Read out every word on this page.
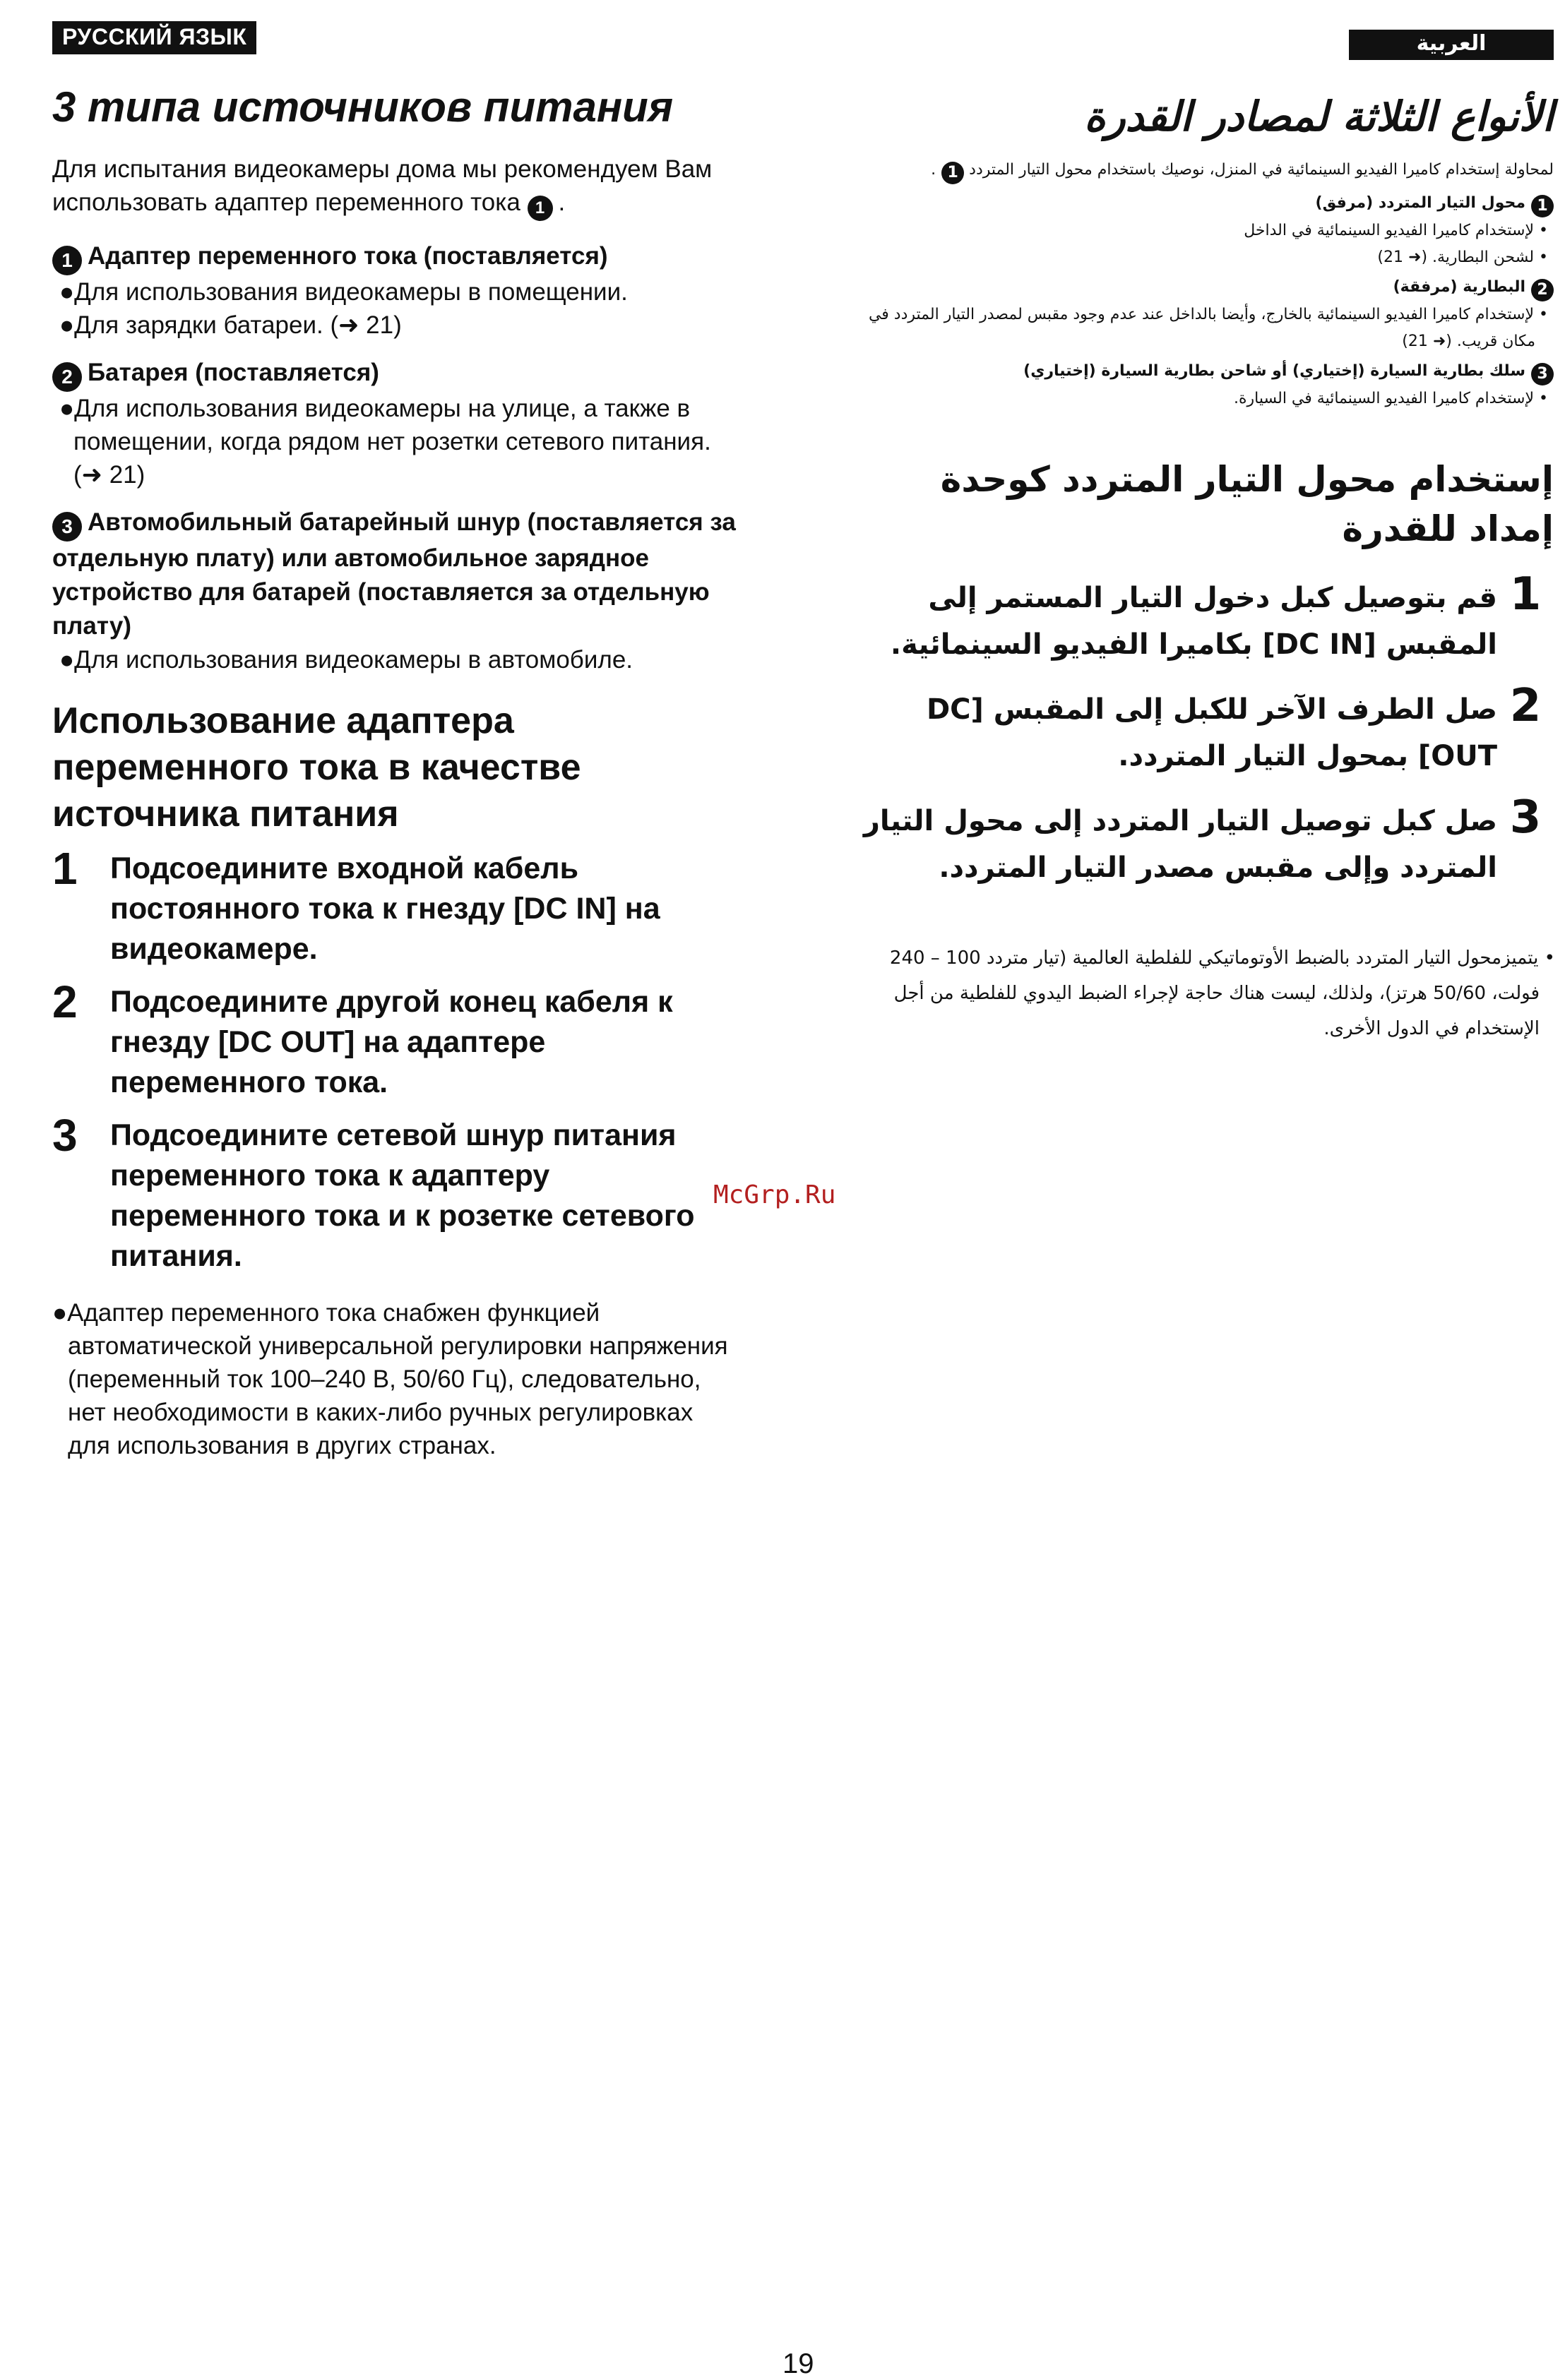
РУССКИЙ ЯЗЫК
3 типа источников питания

Для испытания видеокамеры дома мы рекомендуем Вам использовать адаптер переменного тока 1 .

1 Адаптер переменного тока (поставляется)

●Для использования видеокамеры в помещении.

●Для зарядки батареи. (➜ 21)

2 Батарея (поставляется)

●Для использования видеокамеры на улице, а также в помещении, когда рядом нет розетки сетевого питания. (➜ 21)

3 Автомобильный батарейный шнур (поставляется за отдельную плату) или автомобильное зарядное устройство для батарей (поставляется за отдельную плату)

●Для использования видеокамеры в автомобиле.

Использование адаптера переменного тока в качестве источника питания
1	Подсоедините входной кабель постоянного тока к гнезду [DC IN] на видеокамере.
2	Подсоедините другой конец кабеля к гнезду [DC OUT] на адаптере переменного тока.
3	Подсоедините сетевой шнур питания переменного тока к адаптеру переменного тока и к розетке сетевого питания.

●Адаптер переменного тока снабжен функцией автоматической универсальной регулировки напряжения (переменный ток 100–240 В, 50/60 Гц), следовательно, нет необходимости в каких-либо ручных регулировках для использования в других странах.

العربية
الأنواع الثلاثة لمصادر القدرة

لمحاولة إستخدام كاميرا الفيديو السينمائية في المنزل، نوصيك باستخدام محول التيار المتردد 1.

1محول التيار المتردد (مرفق)

• لإستخدام كاميرا الفيديو السينمائية في الداخل

• لشحن البطارية. (➜ 21)

2البطارية (مرفقة)

• لإستخدام كاميرا الفيديو السينمائية بالخارج، وأيضا بالداخل عند عدم وجود مقبس لمصدر التيار المتردد في مكان قريب. (➜ 21)

3سلك بطارية السيارة (إختياري) أو شاحن بطارية السيارة (إختياري)

• لإستخدام كاميرا الفيديو السينمائية في السيارة.

إستخدام محول التيار المتردد كوحدة إمداد للقدرة
1
قم بتوصيل كبل دخول التيار المستمر إلى المقبس [DC IN] بكاميرا الفيديو السينمائية.
2
صل الطرف الآخر للكبل إلى المقبس [DC OUT] بمحول التيار المتردد.
3
صل كبل توصيل التيار المتردد إلى محول التيار المتردد وإلى مقبس مصدر التيار المتردد.

• يتميزمحول التيار المتردد بالضبط الأوتوماتيكي للفلطية العالمية (تيار متردد 100 – 240 فولت، 50/60 هرتز)، ولذلك، ليست هناك حاجة لإجراء الضبط اليدوي للفلطية من أجل الإستخدام في الدول الأخرى.

McGrp.Ru
19
